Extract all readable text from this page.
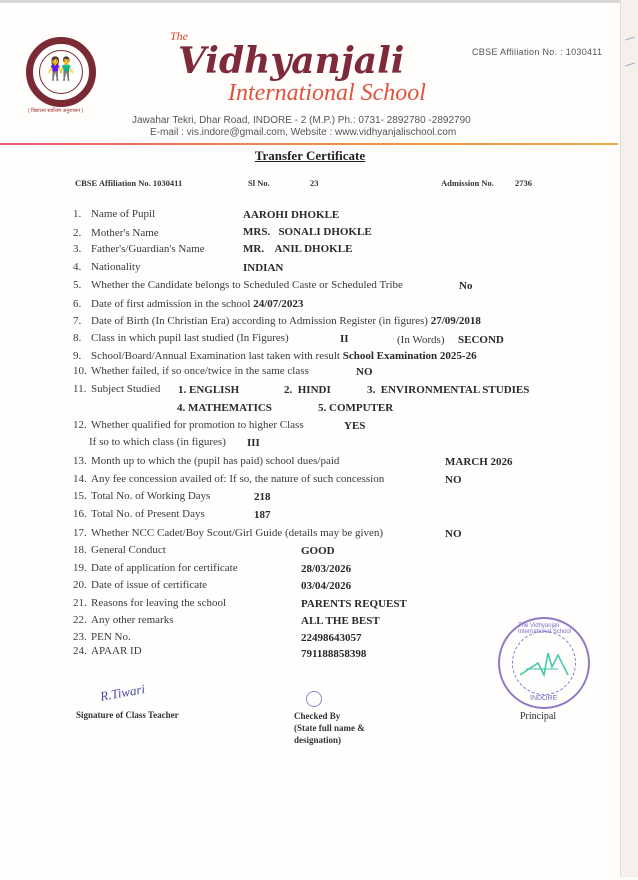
👫
( विद्यालय सर्वोत्तम अनुशासन )
The
Vidhyanjali
International School
Jawahar Tekri, Dhar Road, INDORE - 2 (M.P.) Ph.: 0731- 2892780 -2892790
E-mail : vis.indore@gmail.com, Website : www.vidhyanjalischool.com
CBSE Affiliation No. : 1030411
Transfer Certificate
CBSE Affiliation No. 1030411	Sl No.	23	Admission No. 2736
1. Name of Pupil	AAROHI DHOKLE
2. Mother's Name	MRS.   SONALI DHOKLE
3. Father's/Guardian's Name	MR.    ANIL DHOKLE
4. Nationality	INDIAN
5. Whether the Candidate belongs to Scheduled Caste or Scheduled Tribe	No
6. Date of first admission in the school 24/07/2023
7. Date of Birth (In Christian Era) according to Admission Register (in figures) 27/09/2018
8. Class in which pupil last studied (In Figures)	II	(In Words) SECOND
9. School/Board/Annual Examination last taken with result School Examination 2025-26
10. Whether failed, if so once/twice in the same class	NO
11. Subject Studied 1. ENGLISH	2.  HINDI	3.  ENVIRONMENTAL STUDIES
4. MATHEMATICS	5. COMPUTER
12. Whether qualified for promotion to higher Class	YES
If so to which class (in figures) III
13. Month up to which the (pupil has paid) school dues/paid	MARCH 2026
14. Any fee concession availed of: If so, the nature of such concession	NO
15. Total No. of Working Days	218
16. Total No. of Present Days	187
17. Whether NCC Cadet/Boy Scout/Girl Guide (details may be given)	NO
18. General Conduct	GOOD
19. Date of application for certificate	28/03/2026
20. Date of issue of certificate	03/04/2026
21. Reasons for leaving the school	PARENTS REQUEST
22. Any other remarks	ALL THE BEST
23. PEN No.	22498643057
24. APAAR ID	791188858398
R.Tiwari
Signature of Class Teacher	Checked By
(State full name &
designation)
The Vidhyanjali International School
INDORE
Principal
